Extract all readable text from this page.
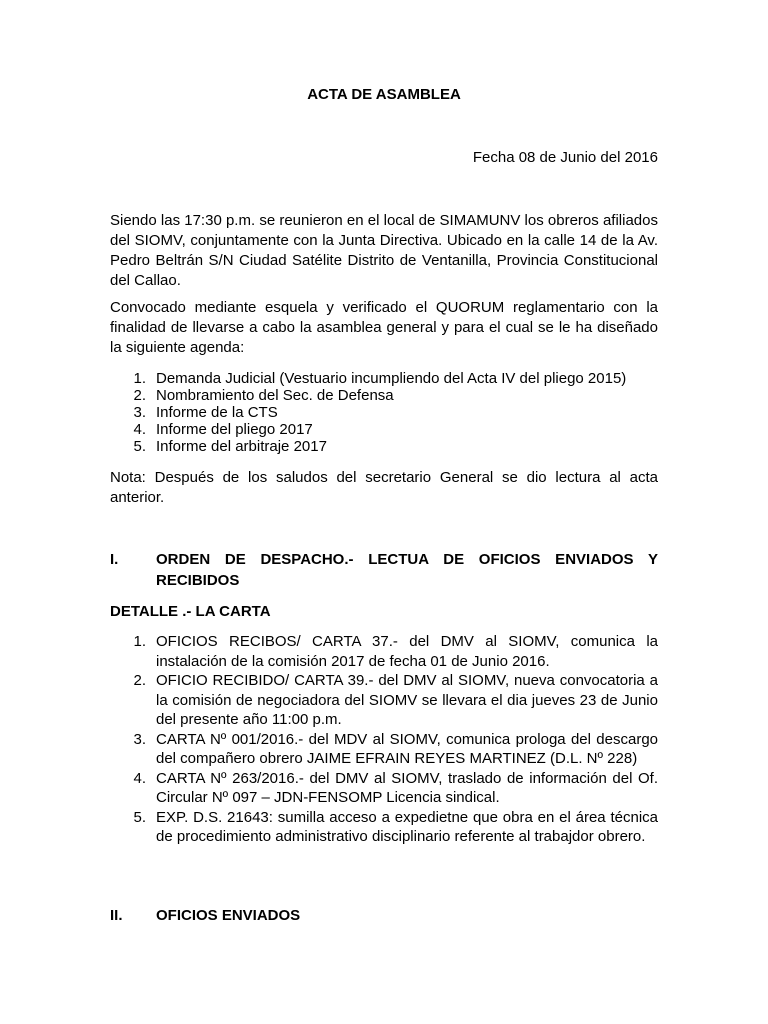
ACTA DE ASAMBLEA
Fecha 08 de Junio del 2016
Siendo las 17:30 p.m. se reunieron en el local de SIMAMUNV los obreros afiliados del SIOMV, conjuntamente con la Junta Directiva. Ubicado en la calle 14 de la Av. Pedro Beltrán S/N Ciudad Satélite Distrito de Ventanilla, Provincia Constitucional del Callao.
Convocado mediante esquela y verificado el QUORUM reglamentario con la finalidad de llevarse a cabo la asamblea general y para el cual se le ha diseñado la siguiente agenda:
1. Demanda Judicial (Vestuario incumpliendo del Acta IV del pliego 2015)
2. Nombramiento del Sec. de Defensa
3. Informe de la CTS
4. Informe del pliego 2017
5. Informe del arbitraje 2017
Nota: Después de los saludos del secretario General se dio lectura al acta anterior.
I.	ORDEN DE DESPACHO.- LECTUA DE OFICIOS ENVIADOS Y RECIBIDOS
DETALLE .- LA CARTA
1. OFICIOS RECIBOS/ CARTA 37.- del DMV al SIOMV, comunica la instalación de la comisión 2017 de fecha 01 de Junio 2016.
2. OFICIO RECIBIDO/ CARTA 39.- del DMV al SIOMV, nueva convocatoria a la comisión de negociadora del SIOMV se llevara el dia jueves 23 de Junio del presente año 11:00 p.m.
3. CARTA Nº 001/2016.- del MDV al SIOMV, comunica prologa del descargo del compañero obrero JAIME EFRAIN REYES MARTINEZ (D.L. Nº 228)
4. CARTA Nº 263/2016.- del DMV al SIOMV, traslado de información del Of. Circular Nº 097 – JDN-FENSOMP Licencia sindical.
5. EXP. D.S. 21643: sumilla acceso a expedietne que obra en el área técnica de procedimiento administrativo disciplinario referente al trabajdor obrero.
II.	OFICIOS ENVIADOS
